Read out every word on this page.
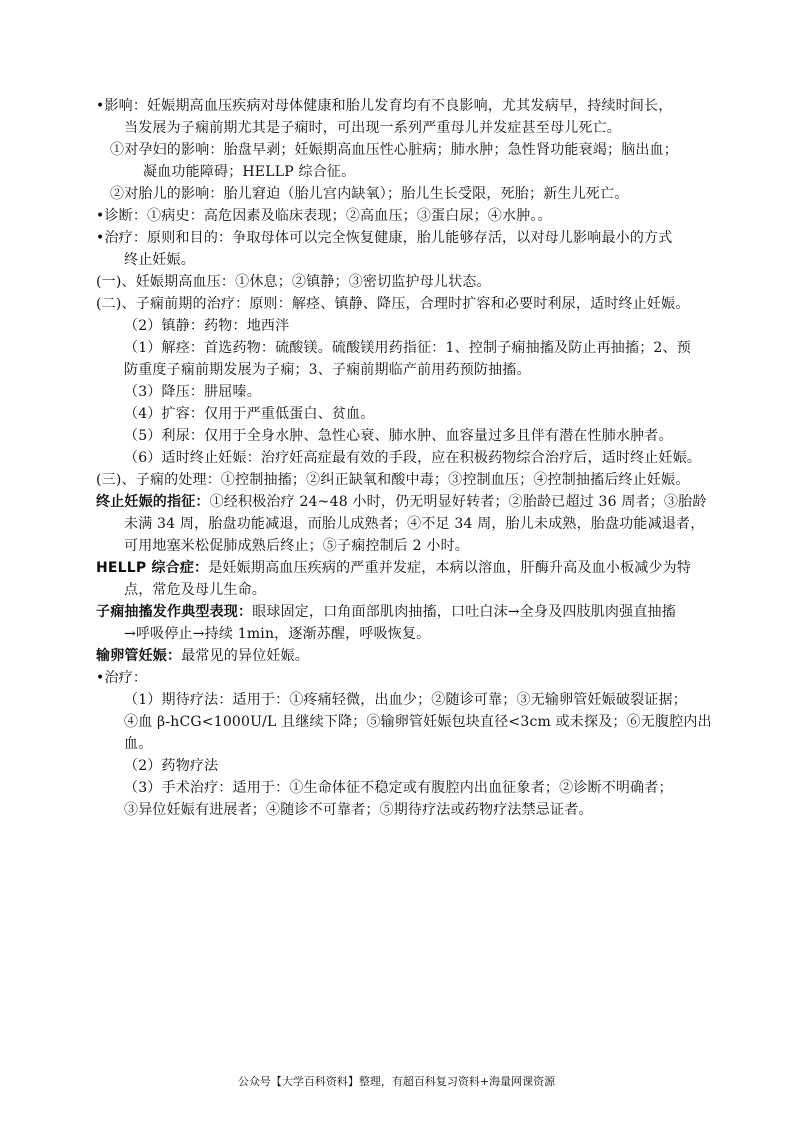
•影响：妊娠期高血压疾病对母体健康和胎儿发育均有不良影响，尤其发病早，持续时间长，
当发展为子痫前期尤其是子痫时，可出现一系列严重母儿并发症甚至母儿死亡。
①对孕妇的影响：胎盘早剥；妊娠期高血压性心脏病；肺水肿；急性肾功能衰竭；脑出血；
凝血功能障碍；HELLP 综合征。
②对胎儿的影响：胎儿窘迫（胎儿宫内缺氧）；胎儿生长受限，死胎；新生儿死亡。
•诊断：①病史：高危因素及临床表现；②高血压；③蛋白尿；④水肿。。
•治疗：原则和目的：争取母体可以完全恢复健康，胎儿能够存活，以对母儿影响最小的方式
终止妊娠。
(一)、妊娠期高血压：①休息；②镇静；③密切监护母儿状态。
(二)、子痫前期的治疗：原则：解痉、镇静、降压，合理时扩容和必要时利尿，适时终止妊娠。
（2）镇静：药物：地西泮
（1）解痉：首选药物：硫酸镁。硫酸镁用药指征：1、控制子痫抽搐及防止再抽搐；2、预
防重度子痫前期发展为子痫；3、子痫前期临产前用药预防抽搐。
（3）降压：肼屈嗪。
（4）扩容：仅用于严重低蛋白、贫血。
（5）利尿：仅用于全身水肿、急性心衰、肺水肿、血容量过多且伴有潜在性肺水肿者。
（6）适时终止妊娠：治疗妊高症最有效的手段，应在积极药物综合治疗后，适时终止妊娠。
(三)、子痫的处理：①控制抽搐；②纠正缺氧和酸中毒；③控制血压；④控制抽搐后终止妊娠。
终止妊娠的指征：①经积极治疗 24~48 小时，仍无明显好转者；②胎龄已超过 36 周者；③胎龄
未满 34 周，胎盘功能减退，而胎儿成熟者；④不足 34 周，胎儿未成熟，胎盘功能减退者，
可用地塞米松促肺成熟后终止；⑤子痫控制后 2 小时。
HELLP 综合症：是妊娠期高血压疾病的严重并发症，本病以溶血，肝酶升高及血小板减少为特
点，常危及母儿生命。
子痫抽搐发作典型表现：眼球固定，口角面部肌肉抽搐，口吐白沫→全身及四肢肌肉强直抽搐
→呼吸停止→持续 1min，逐渐苏醒，呼吸恢复。
输卵管妊娠：最常见的异位妊娠。
•治疗：
（1）期待疗法：适用于：①疼痛轻微，出血少；②随诊可靠；③无输卵管妊娠破裂证据；
④血 β-hCG<1000U/L 且继续下降；⑤输卵管妊娠包块直径<3cm 或未探及；⑥无腹腔内出
血。
（2）药物疗法
（3）手术治疗：适用于：①生命体征不稳定或有腹腔内出血征象者；②诊断不明确者；
③异位妊娠有进展者；④随诊不可靠者；⑤期待疗法或药物疗法禁忌证者。
公众号【大学百科资料】整理，有超百科复习资料+海量网课资源
